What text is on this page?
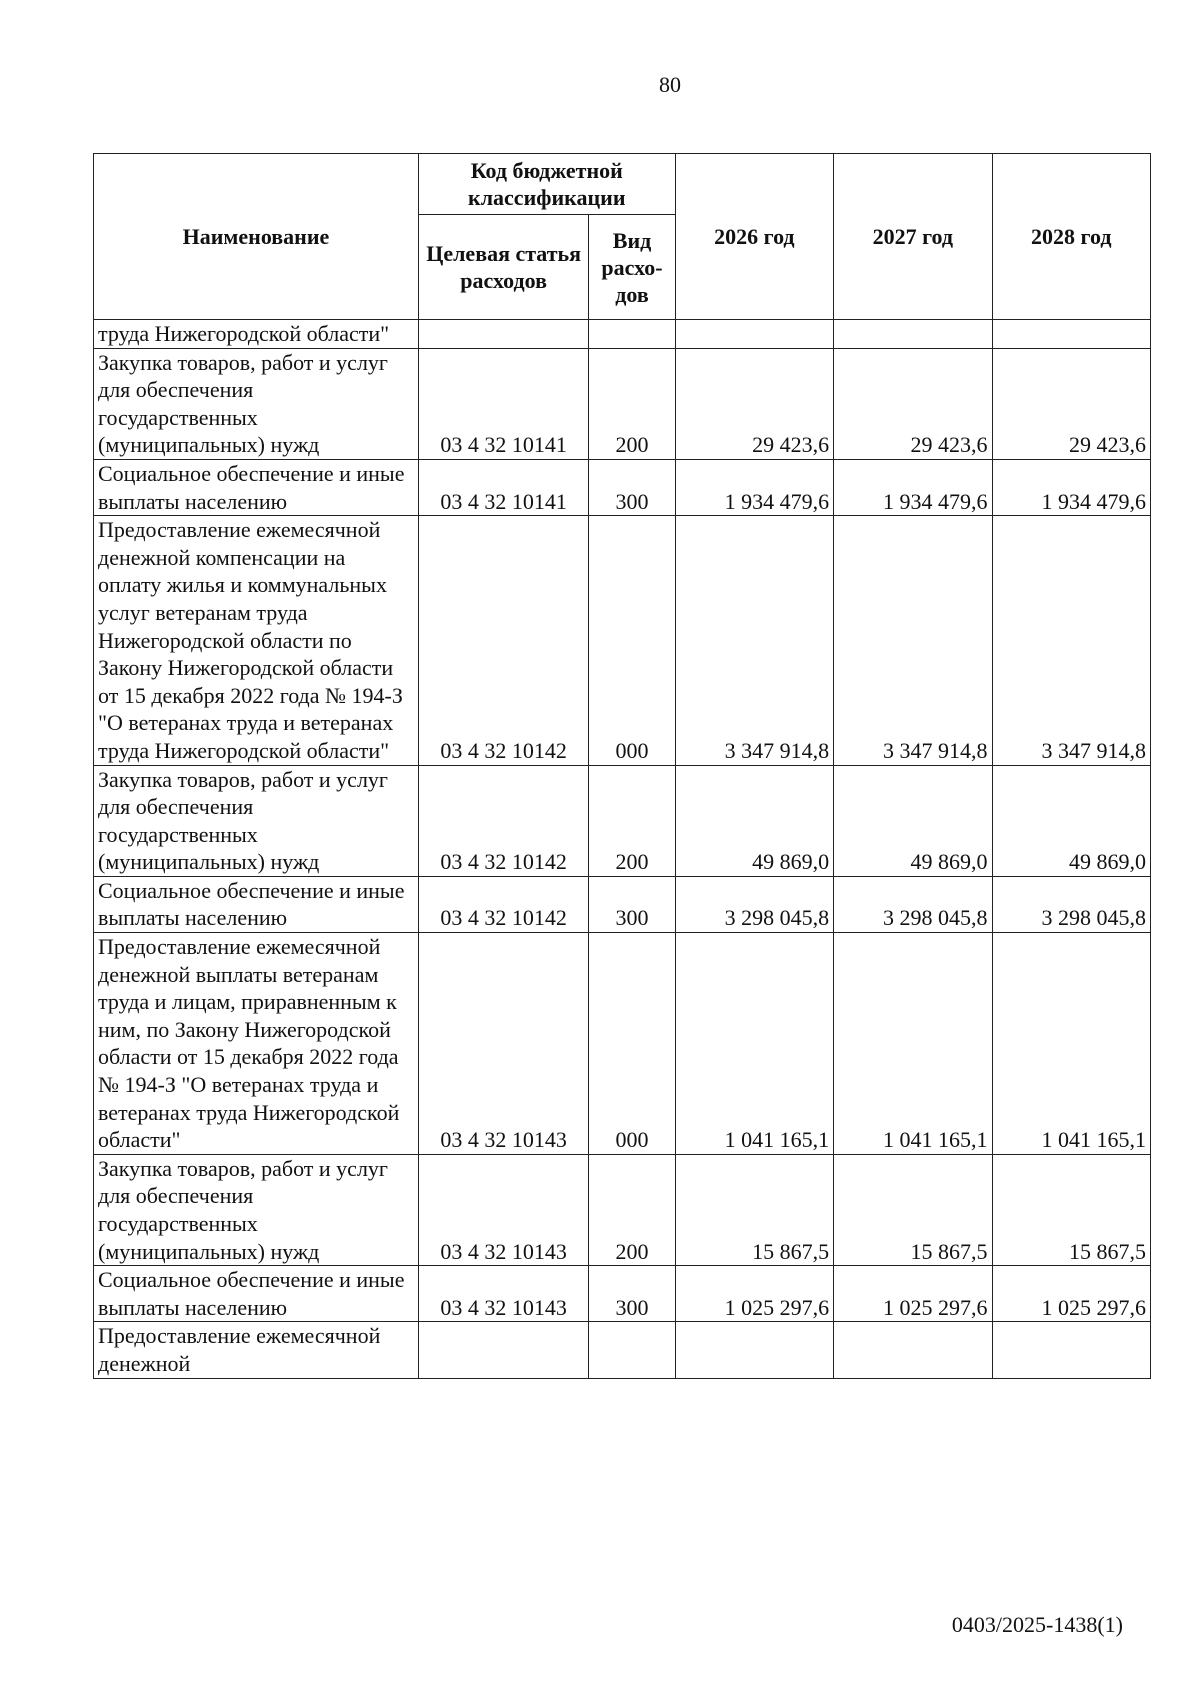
80
Наименование	Код бюджетной классификации		2026 год	2027 год	2028 год
	Целевая статья расходов	Вид расхо-дов			
труда Нижегородской области"					
Закупка товаров, работ и услуг для обеспечения государственных (муниципальных) нужд	03 4 32 10141	200	29 423,6	29 423,6	29 423,6
Социальное обеспечение и иные выплаты населению	03 4 32 10141	300	1 934 479,6	1 934 479,6	1 934 479,6
Предоставление ежемесячной денежной компенсации на оплату жилья и коммунальных услуг ветеранам труда Нижегородской области по Закону Нижегородской области от 15 декабря 2022 года № 194-З "О ветеранах труда и ветеранах труда Нижегородской области"	03 4 32 10142	000	3 347 914,8	3 347 914,8	3 347 914,8
Закупка товаров, работ и услуг для обеспечения государственных (муниципальных) нужд	03 4 32 10142	200	49 869,0	49 869,0	49 869,0
Социальное обеспечение и иные выплаты населению	03 4 32 10142	300	3 298 045,8	3 298 045,8	3 298 045,8
Предоставление ежемесячной денежной выплаты ветеранам труда и лицам, приравненным к ним, по Закону Нижегородской области от 15 декабря 2022 года № 194-З "О ветеранах труда и ветеранах труда Нижегородской области"	03 4 32 10143	000	1 041 165,1	1 041 165,1	1 041 165,1
Закупка товаров, работ и услуг для обеспечения государственных (муниципальных) нужд	03 4 32 10143	200	15 867,5	15 867,5	15 867,5
Социальное обеспечение и иные выплаты населению	03 4 32 10143	300	1 025 297,6	1 025 297,6	1 025 297,6
Предоставление ежемесячной денежной					
0403/2025-1438(1)
